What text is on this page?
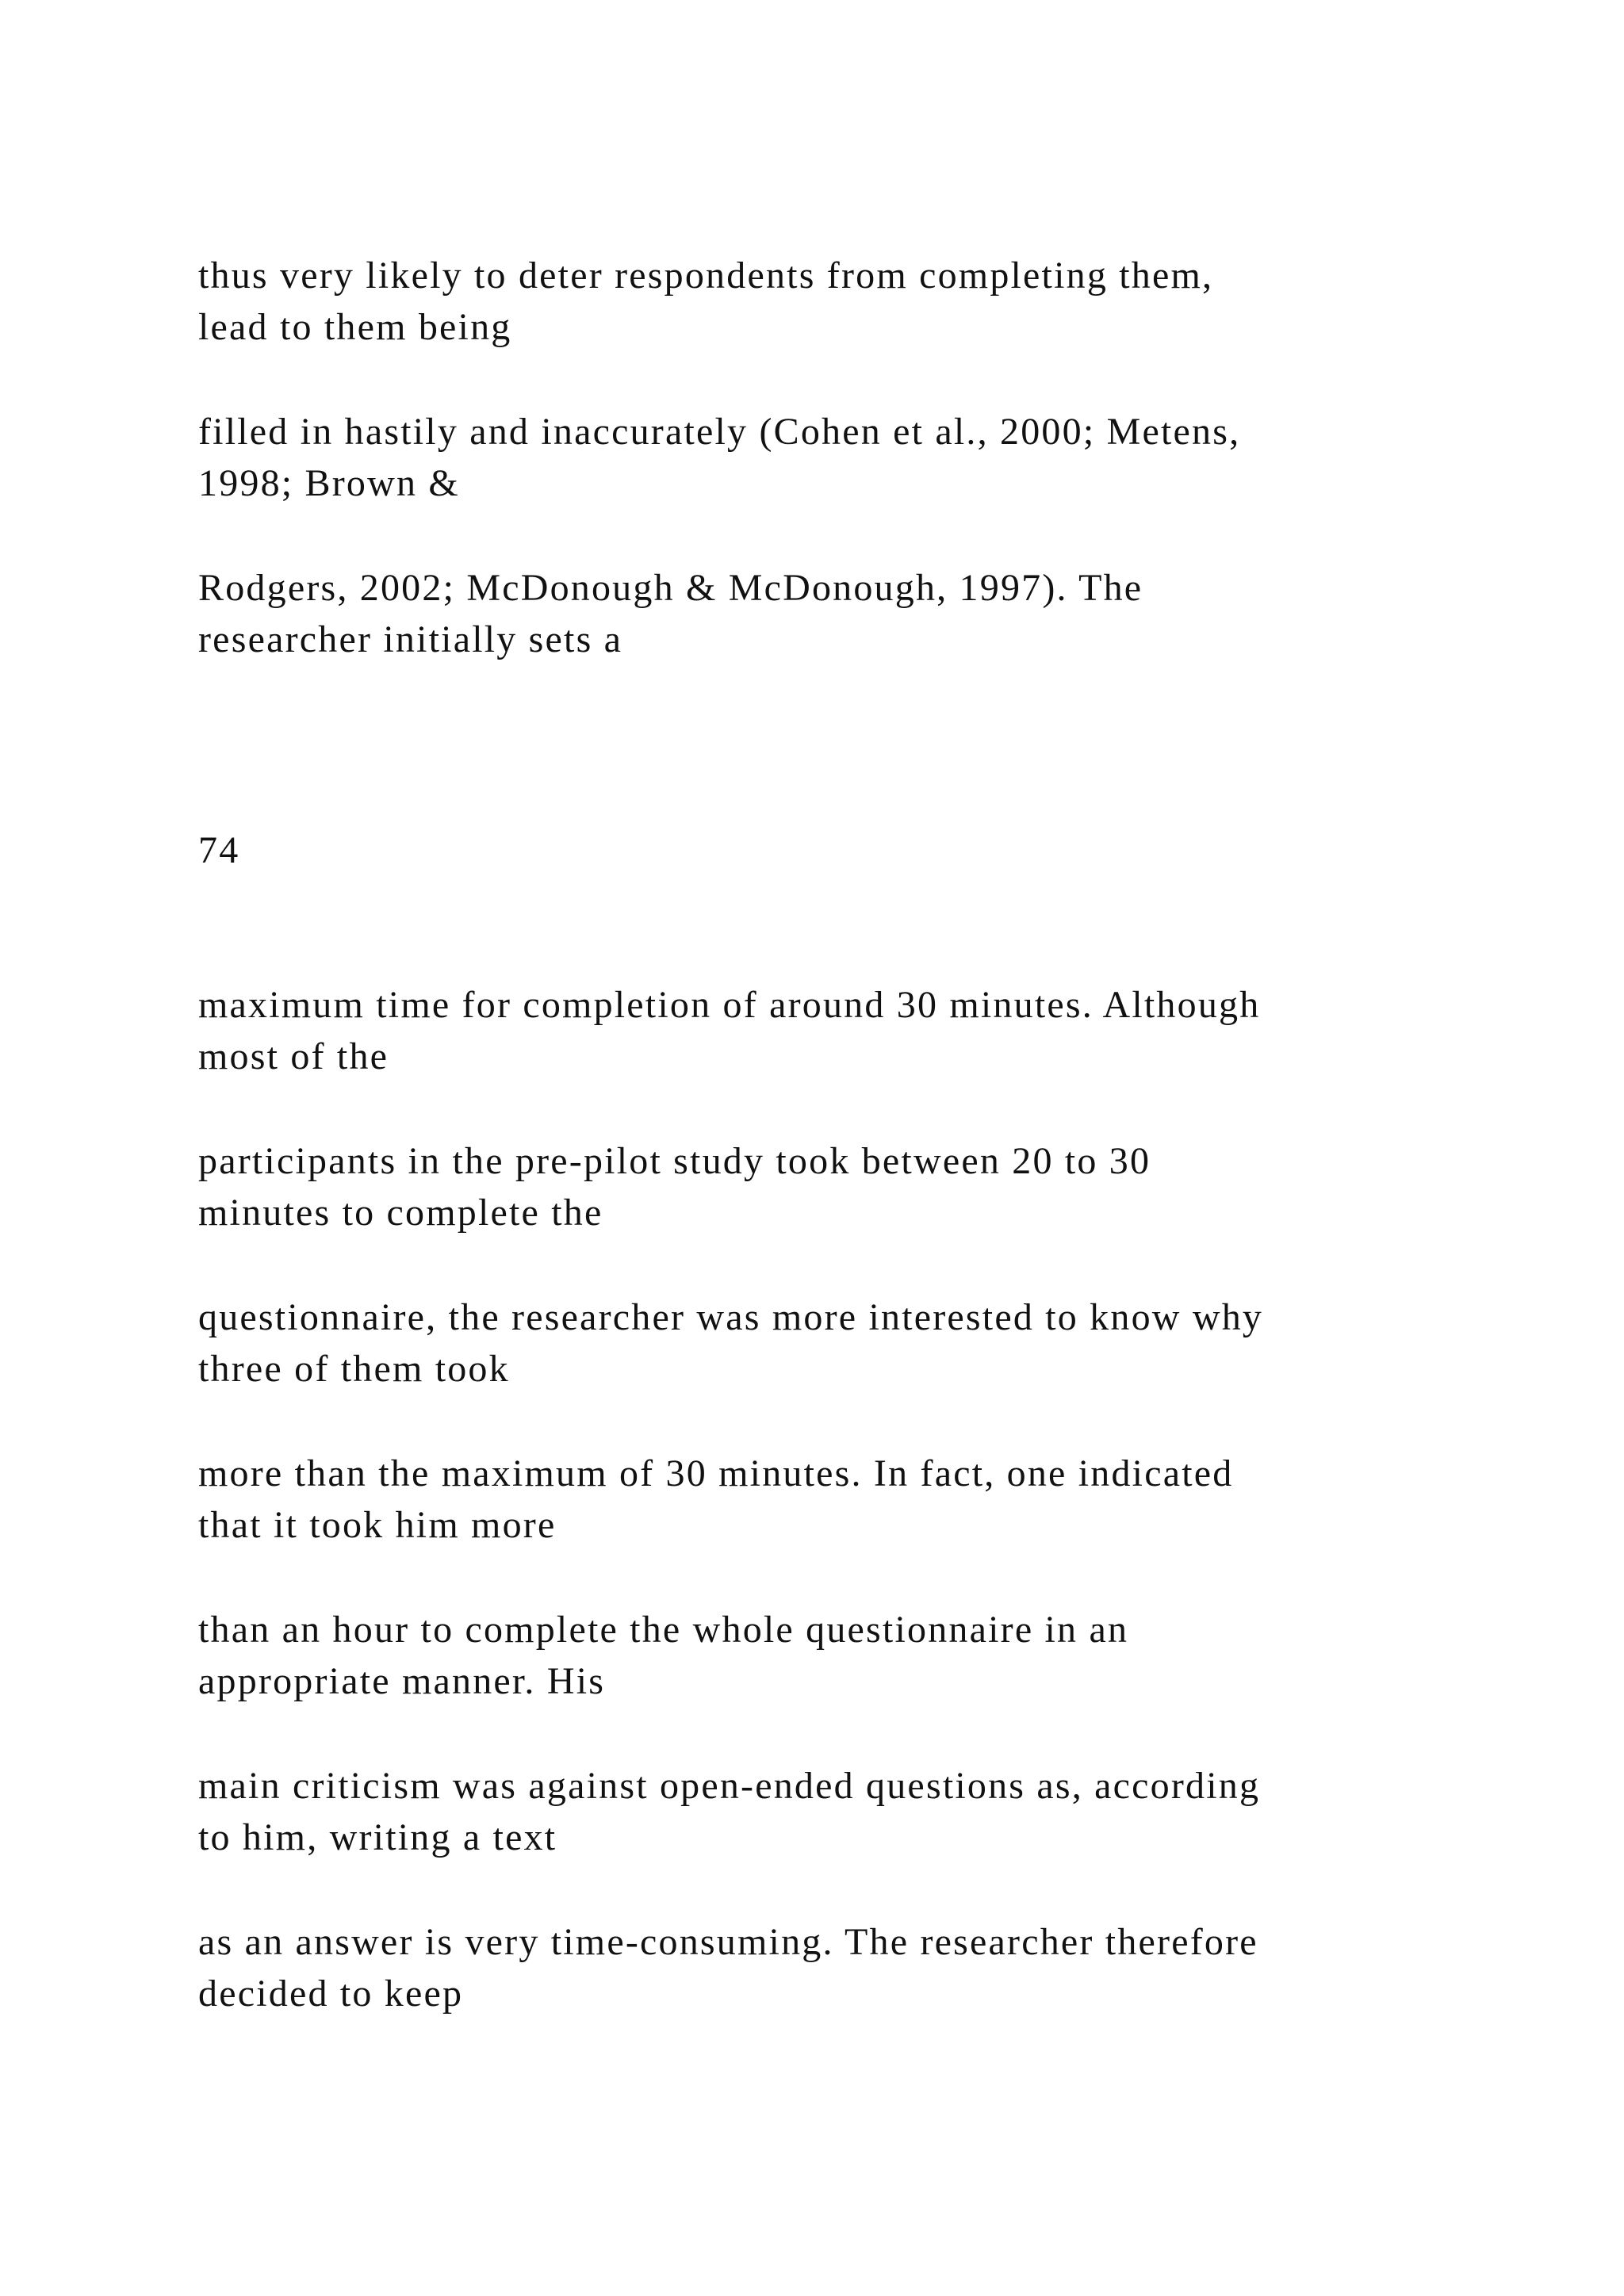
thus very likely to deter respondents from completing them,

lead to them being

filled in hastily and inaccurately (Cohen et al., 2000; Metens,

1998; Brown &

Rodgers, 2002; McDonough & McDonough, 1997). The

researcher initially sets a

74

maximum time for completion of around 30 minutes. Although

most of the

participants in the pre-pilot study took between 20 to 30

minutes to complete the

questionnaire, the researcher was more interested to know why

three of them took

more than the maximum of 30 minutes. In fact, one indicated

that it took him more

than an hour to complete the whole questionnaire in an

appropriate manner. His

main criticism was against open-ended questions as, according

to him, writing a text

as an answer is very time-consuming. The researcher therefore

decided to keep
